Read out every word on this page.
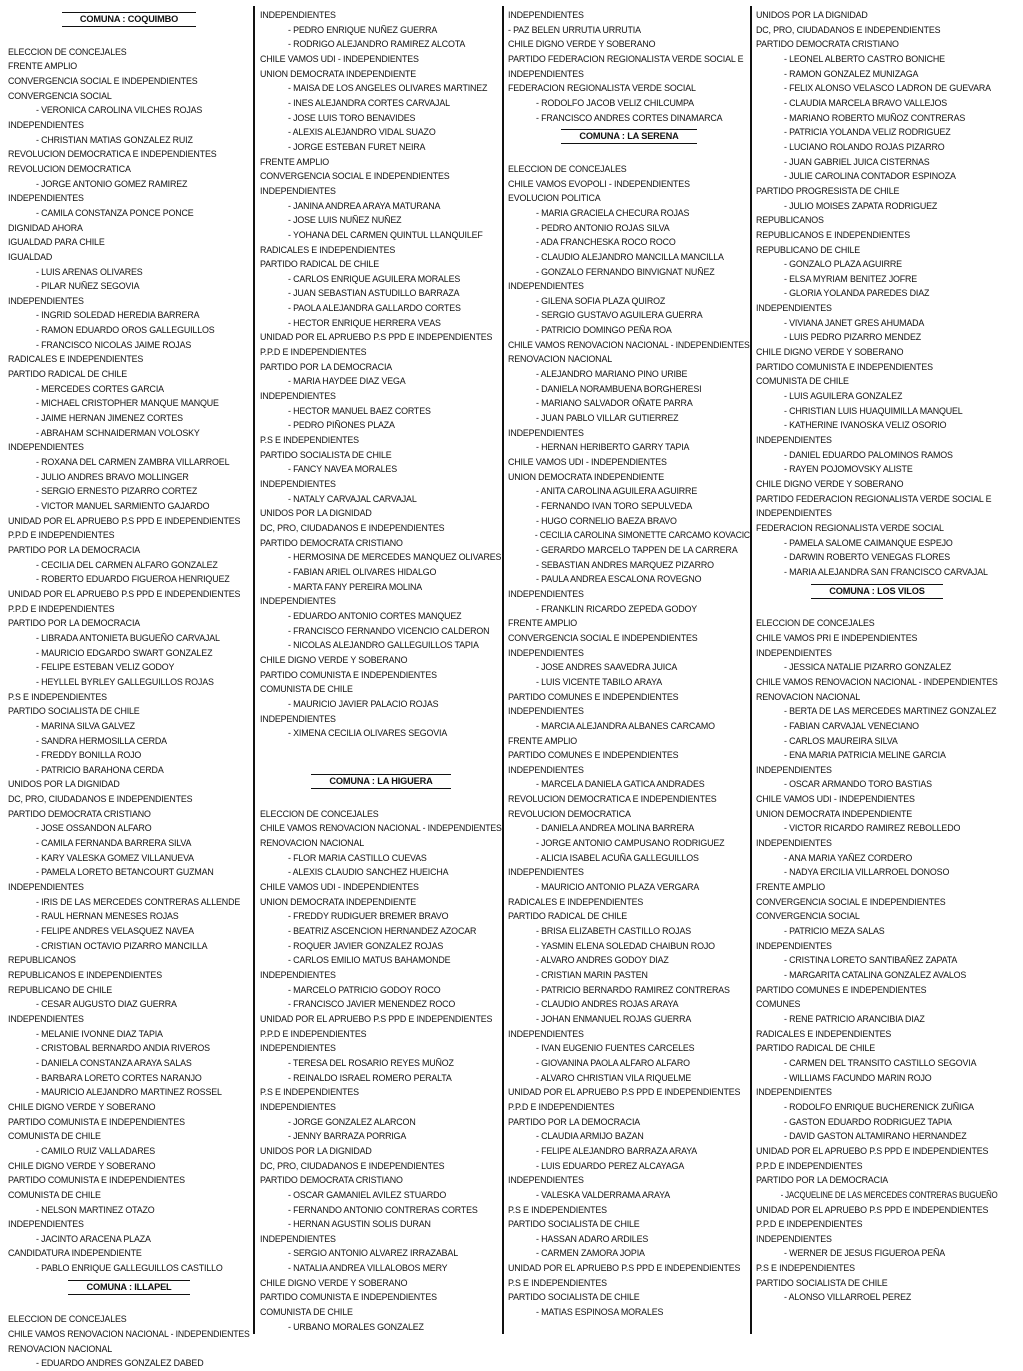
COMUNA : COQUIMBO
ELECCION DE CONCEJALES
FRENTE AMPLIO
CONVERGENCIA SOCIAL E INDEPENDIENTES
CONVERGENCIA SOCIAL
- VERONICA CAROLINA VILCHES ROJAS
INDEPENDIENTES
- CHRISTIAN MATIAS GONZALEZ RUIZ
REVOLUCION DEMOCRATICA E INDEPENDIENTES
REVOLUCION DEMOCRATICA
- JORGE ANTONIO GOMEZ RAMIREZ
INDEPENDIENTES
- CAMILA CONSTANZA PONCE PONCE
DIGNIDAD AHORA
IGUALDAD PARA CHILE
IGUALDAD
- LUIS ARENAS OLIVARES
- PILAR NUÑEZ SEGOVIA
INDEPENDIENTES
- INGRID SOLEDAD HEREDIA BARRERA
- RAMON EDUARDO OROS GALLEGUILLOS
- FRANCISCO NICOLAS JAIME ROJAS
RADICALES E INDEPENDIENTES
PARTIDO RADICAL DE CHILE
- MERCEDES CORTES GARCIA
- MICHAEL CRISTOPHER MANQUE MANQUE
- JAIME HERNAN JIMENEZ CORTES
- ABRAHAM SCHNAIDERMAN VOLOSKY
INDEPENDIENTES
- ROXANA DEL CARMEN ZAMBRA VILLARROEL
- JULIO ANDRES BRAVO MOLLINGER
- SERGIO ERNESTO PIZARRO CORTEZ
- VICTOR MANUEL SARMIENTO GAJARDO
UNIDAD POR EL APRUEBO P.S PPD E INDEPENDIENTES
P.P.D E INDEPENDIENTES
PARTIDO POR LA DEMOCRACIA
- CECILIA DEL CARMEN ALFARO GONZALEZ
- ROBERTO EDUARDO FIGUEROA HENRIQUEZ
UNIDAD POR EL APRUEBO P.S PPD E INDEPENDIENTES
P.P.D E INDEPENDIENTES
PARTIDO POR LA DEMOCRACIA
- LIBRADA ANTONIETA BUGUEÑO CARVAJAL
- MAURICIO EDGARDO SWART GONZALEZ
- FELIPE ESTEBAN VELIZ GODOY
- HEYLLEL BYRLEY GALLEGUILLOS ROJAS
P.S E INDEPENDIENTES
PARTIDO SOCIALISTA DE CHILE
- MARINA SILVA GALVEZ
- SANDRA HERMOSILLA CERDA
- FREDDY BONILLA ROJO
- PATRICIO BARAHONA CERDA
UNIDOS POR LA DIGNIDAD
DC, PRO, CIUDADANOS E INDEPENDIENTES
PARTIDO DEMOCRATA CRISTIANO
- JOSE OSSANDON ALFARO
- CAMILA FERNANDA BARRERA SILVA
- KARY VALESKA GOMEZ VILLANUEVA
- PAMELA LORETO BETANCOURT GUZMAN
INDEPENDIENTES
- IRIS DE LAS MERCEDES CONTRERAS ALLENDE
- RAUL HERNAN MENESES ROJAS
- FELIPE ANDRES VELASQUEZ NAVEA
- CRISTIAN OCTAVIO PIZARRO MANCILLA
REPUBLICANOS
REPUBLICANOS E INDEPENDIENTES
REPUBLICANO DE CHILE
- CESAR AUGUSTO DIAZ GUERRA
INDEPENDIENTES
- MELANIE IVONNE DIAZ TAPIA
- CRISTOBAL BERNARDO ANDIA RIVEROS
- DANIELA CONSTANZA ARAYA SALAS
- BARBARA LORETO CORTES NARANJO
- MAURICIO ALEJANDRO MARTINEZ ROSSEL
CHILE DIGNO VERDE Y SOBERANO
PARTIDO COMUNISTA E INDEPENDIENTES
COMUNISTA DE CHILE
- CAMILO RUIZ VALLADARES
CHILE DIGNO VERDE Y SOBERANO
PARTIDO COMUNISTA E INDEPENDIENTES
COMUNISTA DE CHILE
- NELSON MARTINEZ OTAZO
INDEPENDIENTES
- JACINTO ARACENA PLAZA
CANDIDATURA INDEPENDIENTE
- PABLO ENRIQUE GALLEGUILLOS CASTILLO
COMUNA : ILLAPEL
ELECCION DE CONCEJALES
CHILE VAMOS RENOVACION NACIONAL - INDEPENDIENTES
RENOVACION NACIONAL
- EDUARDO ANDRES GONZALEZ DABED
INDEPENDIENTES
- PEDRO ENRIQUE NUÑEZ GUERRA
- RODRIGO ALEJANDRO RAMIREZ ALCOTA
CHILE VAMOS UDI - INDEPENDIENTES
UNION DEMOCRATA INDEPENDIENTE
- MAISA DE LOS ANGELES OLIVARES MARTINEZ
- INES ALEJANDRA CORTES CARVAJAL
- JOSE LUIS TORO BENAVIDES
- ALEXIS ALEJANDRO VIDAL SUAZO
- JORGE ESTEBAN FURET NEIRA
FRENTE AMPLIO
CONVERGENCIA SOCIAL E INDEPENDIENTES
INDEPENDIENTES
- JANINA ANDREA ARAYA MATURANA
- JOSE LUIS NUÑEZ NUÑEZ
- YOHANA DEL CARMEN QUINTUL LLANQUILEF
RADICALES E INDEPENDIENTES
PARTIDO RADICAL DE CHILE
- CARLOS ENRIQUE AGUILERA MORALES
- JUAN SEBASTIAN ASTUDILLO BARRAZA
- PAOLA ALEJANDRA GALLARDO CORTES
- HECTOR ENRIQUE HERRERA VEAS
UNIDAD POR EL APRUEBO P.S PPD E INDEPENDIENTES
P.P.D E INDEPENDIENTES
PARTIDO POR LA DEMOCRACIA
- MARIA HAYDEE DIAZ VEGA
INDEPENDIENTES
- HECTOR MANUEL BAEZ CORTES
- PEDRO PIÑONES PLAZA
P.S E INDEPENDIENTES
PARTIDO SOCIALISTA DE CHILE
- FANCY NAVEA MORALES
INDEPENDIENTES
- NATALY CARVAJAL CARVAJAL
UNIDOS POR LA DIGNIDAD
DC, PRO, CIUDADANOS E INDEPENDIENTES
PARTIDO DEMOCRATA CRISTIANO
- HERMOSINA DE MERCEDES MANQUEZ OLIVARES
- FABIAN ARIEL OLIVARES HIDALGO
- MARTA FANY PEREIRA MOLINA
INDEPENDIENTES
- EDUARDO ANTONIO CORTES MANQUEZ
- FRANCISCO FERNANDO VICENCIO CALDERON
- NICOLAS ALEJANDRO GALLEGUILLOS TAPIA
CHILE DIGNO VERDE Y SOBERANO
PARTIDO COMUNISTA E INDEPENDIENTES
COMUNISTA DE CHILE
- MAURICIO JAVIER PALACIO ROJAS
INDEPENDIENTES
- XIMENA CECILIA OLIVARES SEGOVIA
COMUNA : LA HIGUERA
ELECCION DE CONCEJALES
CHILE VAMOS RENOVACION NACIONAL - INDEPENDIENTES
RENOVACION NACIONAL
- FLOR MARIA CASTILLO CUEVAS
- ALEXIS CLAUDIO SANCHEZ HUEICHA
CHILE VAMOS UDI - INDEPENDIENTES
UNION DEMOCRATA INDEPENDIENTE
- FREDDY RUDIGUER BREMER BRAVO
- BEATRIZ ASCENCION HERNANDEZ AZOCAR
- ROQUER JAVIER GONZALEZ ROJAS
- CARLOS EMILIO MATUS BAHAMONDE
INDEPENDIENTES
- MARCELO PATRICIO GODOY ROCO
- FRANCISCO JAVIER MENENDEZ ROCO
UNIDAD POR EL APRUEBO P.S PPD E INDEPENDIENTES
P.P.D E INDEPENDIENTES
INDEPENDIENTES
- TERESA DEL ROSARIO REYES MUÑOZ
- REINALDO ISRAEL ROMERO PERALTA
P.S E INDEPENDIENTES
INDEPENDIENTES
- JORGE GONZALEZ ALARCON
- JENNY BARRAZA PORRIGA
UNIDOS POR LA DIGNIDAD
DC, PRO, CIUDADANOS E INDEPENDIENTES
PARTIDO DEMOCRATA CRISTIANO
- OSCAR GAMANIEL AVILEZ STUARDO
- FERNANDO ANTONIO CONTRERAS CORTES
- HERNAN AGUSTIN SOLIS DURAN
INDEPENDIENTES
- SERGIO ANTONIO ALVAREZ IRRAZABAL
- NATALIA ANDREA VILLALOBOS MERY
CHILE DIGNO VERDE Y SOBERANO
PARTIDO COMUNISTA E INDEPENDIENTES
COMUNISTA DE CHILE
- URBANO MORALES GONZALEZ
INDEPENDIENTES
- PAZ BELEN URRUTIA URRUTIA
CHILE DIGNO VERDE Y SOBERANO
PARTIDO FEDERACION REGIONALISTA VERDE SOCIAL E
INDEPENDIENTES
FEDERACION REGIONALISTA VERDE SOCIAL
- RODOLFO JACOB VELIZ CHILCUMPA
- FRANCISCO ANDRES CORTES DINAMARCA
COMUNA : LA SERENA
ELECCION DE CONCEJALES
CHILE VAMOS EVOPOLI - INDEPENDIENTES
EVOLUCION POLITICA
- MARIA GRACIELA CHECURA ROJAS
- PEDRO ANTONIO ROJAS SILVA
- ADA FRANCHESKA ROCO ROCO
- CLAUDIO ALEJANDRO MANCILLA MANCILLA
- GONZALO FERNANDO BINVIGNAT NUÑEZ
INDEPENDIENTES
- GILENA SOFIA PLAZA QUIROZ
- SERGIO GUSTAVO AGUILERA GUERRA
- PATRICIO DOMINGO PEÑA ROA
CHILE VAMOS RENOVACION NACIONAL - INDEPENDIENTES
RENOVACION NACIONAL
- ALEJANDRO MARIANO PINO URIBE
- DANIELA NORAMBUENA BORGHERESI
- MARIANO SALVADOR OÑATE PARRA
- JUAN PABLO VILLAR GUTIERREZ
INDEPENDIENTES
- HERNAN HERIBERTO GARRY TAPIA
CHILE VAMOS UDI - INDEPENDIENTES
UNION DEMOCRATA INDEPENDIENTE
- ANITA CAROLINA AGUILERA AGUIRRE
- FERNANDO IVAN TORO SEPULVEDA
- HUGO CORNELIO BAEZA BRAVO
- CECILIA CAROLINA SIMONETTE CARCAMO KOVACIC
- GERARDO MARCELO TAPPEN DE LA CARRERA
- SEBASTIAN ANDRES MARQUEZ PIZARRO
- PAULA ANDREA ESCALONA ROVEGNO
INDEPENDIENTES
- FRANKLIN RICARDO ZEPEDA GODOY
FRENTE AMPLIO
CONVERGENCIA SOCIAL E INDEPENDIENTES
INDEPENDIENTES
- JOSE ANDRES SAAVEDRA JUICA
- LUIS VICENTE TABILO ARAYA
PARTIDO COMUNES E INDEPENDIENTES
INDEPENDIENTES
- MARCIA ALEJANDRA ALBANES CARCAMO
FRENTE AMPLIO
PARTIDO COMUNES E INDEPENDIENTES
INDEPENDIENTES
- MARCELA DANIELA GATICA ANDRADES
REVOLUCION DEMOCRATICA E INDEPENDIENTES
REVOLUCION DEMOCRATICA
- DANIELA ANDREA MOLINA BARRERA
- JORGE ANTONIO CAMPUSANO RODRIGUEZ
- ALICIA ISABEL ACUÑA GALLEGUILLOS
INDEPENDIENTES
- MAURICIO ANTONIO PLAZA VERGARA
RADICALES E INDEPENDIENTES
PARTIDO RADICAL DE CHILE
- BRISA ELIZABETH CASTILLO ROJAS
- YASMIN ELENA SOLEDAD CHAIBUN ROJO
- ALVARO ANDRES GODOY DIAZ
- CRISTIAN MARIN PASTEN
- PATRICIO BERNARDO RAMIREZ CONTRERAS
- CLAUDIO ANDRES ROJAS ARAYA
- JOHAN ENMANUEL ROJAS GUERRA
INDEPENDIENTES
- IVAN EUGENIO FUENTES CARCELES
- GIOVANINA PAOLA ALFARO ALFARO
- ALVARO CHRISTIAN VILA RIQUELME
UNIDAD POR EL APRUEBO P.S PPD E INDEPENDIENTES
P.P.D E INDEPENDIENTES
PARTIDO POR LA DEMOCRACIA
- CLAUDIA ARMIJO BAZAN
- FELIPE ALEJANDRO BARRAZA ARAYA
- LUIS EDUARDO PEREZ ALCAYAGA
INDEPENDIENTES
- VALESKA VALDERRAMA ARAYA
P.S E INDEPENDIENTES
PARTIDO SOCIALISTA DE CHILE
- HASSAN ADARO ARDILES
- CARMEN ZAMORA JOPIA
UNIDAD POR EL APRUEBO P.S PPD E INDEPENDIENTES
P.S E INDEPENDIENTES
PARTIDO SOCIALISTA DE CHILE
- MATIAS ESPINOSA MORALES
UNIDOS POR LA DIGNIDAD
DC, PRO, CIUDADANOS E INDEPENDIENTES
PARTIDO DEMOCRATA CRISTIANO
- LEONEL ALBERTO CASTRO BONICHE
- RAMON GONZALEZ MUNIZAGA
- FELIX ALONSO VELASCO LADRON DE GUEVARA
- CLAUDIA MARCELA BRAVO VALLEJOS
- MARIANO ROBERTO MUÑOZ CONTRERAS
- PATRICIA YOLANDA VELIZ RODRIGUEZ
- LUCIANO ROLANDO ROJAS PIZARRO
- JUAN GABRIEL JUICA CISTERNAS
- JULIE CAROLINA CONTADOR ESPINOZA
PARTIDO PROGRESISTA DE CHILE
- JULIO MOISES ZAPATA RODRIGUEZ
REPUBLICANOS
REPUBLICANOS E INDEPENDIENTES
REPUBLICANO DE CHILE
- GONZALO PLAZA AGUIRRE
- ELSA MYRIAM BENITEZ JOFRE
- GLORIA YOLANDA PAREDES DIAZ
INDEPENDIENTES
- VIVIANA JANET GRES AHUMADA
- LUIS PEDRO PIZARRO MENDEZ
CHILE DIGNO VERDE Y SOBERANO
PARTIDO COMUNISTA E INDEPENDIENTES
COMUNISTA DE CHILE
- LUIS AGUILERA GONZALEZ
- CHRISTIAN LUIS HUAQUIMILLA MANQUEL
- KATHERINE IVANOSKA VELIZ OSORIO
INDEPENDIENTES
- DANIEL EDUARDO PALOMINOS RAMOS
- RAYEN POJOMOVSKY ALISTE
CHILE DIGNO VERDE Y SOBERANO
PARTIDO FEDERACION REGIONALISTA VERDE SOCIAL E
INDEPENDIENTES
FEDERACION REGIONALISTA VERDE SOCIAL
- PAMELA SALOME CAIMANQUE ESPEJO
- DARWIN ROBERTO VENEGAS FLORES
- MARIA ALEJANDRA SAN FRANCISCO CARVAJAL
COMUNA : LOS VILOS
ELECCION DE CONCEJALES
CHILE VAMOS PRI E INDEPENDIENTES
INDEPENDIENTES
- JESSICA NATALIE PIZARRO GONZALEZ
CHILE VAMOS RENOVACION NACIONAL - INDEPENDIENTES
RENOVACION NACIONAL
- BERTA DE LAS MERCEDES MARTINEZ GONZALEZ
- FABIAN CARVAJAL VENECIANO
- CARLOS MAUREIRA SILVA
- ENA MARIA PATRICIA MELINE GARCIA
INDEPENDIENTES
- OSCAR ARMANDO TORO BASTIAS
CHILE VAMOS UDI - INDEPENDIENTES
UNION DEMOCRATA INDEPENDIENTE
- VICTOR RICARDO RAMIREZ REBOLLEDO
INDEPENDIENTES
- ANA MARIA YAÑEZ CORDERO
- NADYA ERCILIA VILLARROEL DONOSO
FRENTE AMPLIO
CONVERGENCIA SOCIAL E INDEPENDIENTES
CONVERGENCIA SOCIAL
- PATRICIO MEZA SALAS
INDEPENDIENTES
- CRISTINA LORETO SANTIBAÑEZ ZAPATA
- MARGARITA CATALINA GONZALEZ AVALOS
PARTIDO COMUNES E INDEPENDIENTES
COMUNES
- RENE PATRICIO ARANCIBIA DIAZ
RADICALES E INDEPENDIENTES
PARTIDO RADICAL DE CHILE
- CARMEN DEL TRANSITO CASTILLO SEGOVIA
- WILLIAMS FACUNDO MARIN ROJO
INDEPENDIENTES
- RODOLFO ENRIQUE BUCHERENICK ZUÑIGA
- GASTON EDUARDO RODRIGUEZ TAPIA
- DAVID GASTON ALTAMIRANO HERNANDEZ
UNIDAD POR EL APRUEBO P.S PPD E INDEPENDIENTES
P.P.D E INDEPENDIENTES
PARTIDO POR LA DEMOCRACIA
- JACQUELINE DE LAS MERCEDES CONTRERAS BUGUEÑO
UNIDAD POR EL APRUEBO P.S PPD E INDEPENDIENTES
P.P.D E INDEPENDIENTES
INDEPENDIENTES
- WERNER DE JESUS FIGUEROA PEÑA
P.S E INDEPENDIENTES
PARTIDO SOCIALISTA DE CHILE
- ALONSO VILLARROEL PEREZ
